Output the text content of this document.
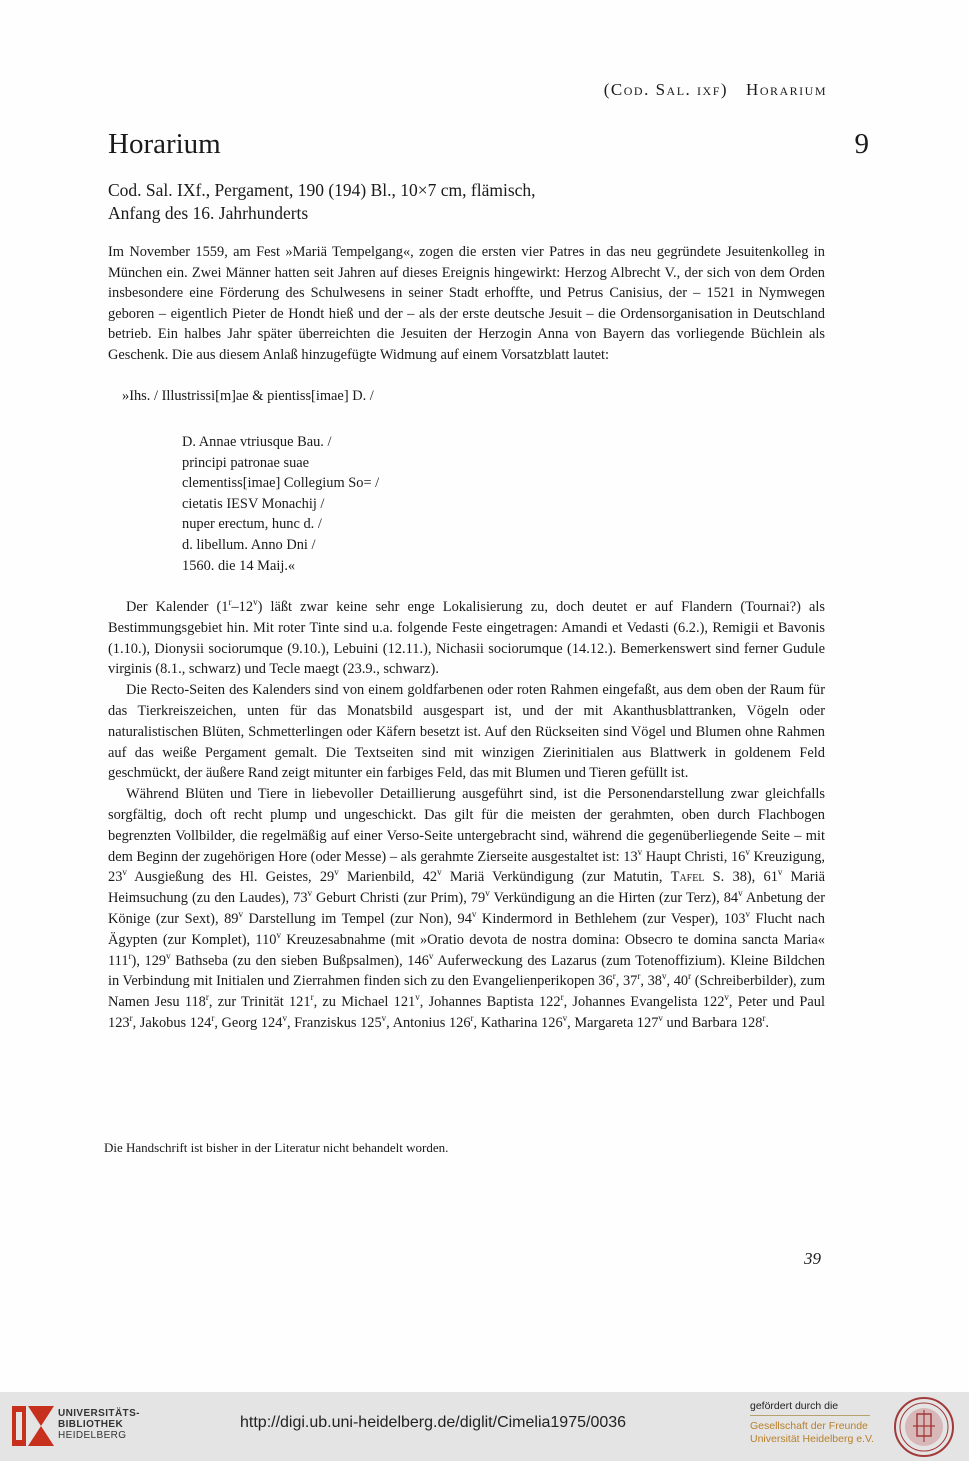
(Cod. Sal. ixf) Horarium
Horarium	9
Cod. Sal. IXf., Pergament, 190 (194) Bl., 10×7 cm, flämisch,
Anfang des 16. Jahrhunderts

Im November 1559, am Fest »Mariä Tempelgang«, zogen die ersten vier Patres in das neu gegründete Jesuitenkolleg in München ein. Zwei Männer hatten seit Jahren auf dieses Ereignis hingewirkt: Herzog Albrecht V., der sich von dem Orden insbesondere eine Förderung des Schulwesens in seiner Stadt erhoffte, und Petrus Canisius, der – 1521 in Nymwegen geboren – eigentlich Pieter de Hondt hieß und der – als der erste deutsche Jesuit – die Ordensorganisation in Deutschland betrieb. Ein halbes Jahr später überreichten die Jesuiten der Herzogin Anna von Bayern das vorliegende Büchlein als Geschenk. Die aus diesem Anlaß hinzugefügte Widmung auf einem Vorsatzblatt lautet:

»Ihs. / Illustrissi[m]ae & pientiss[imae] D. /
D. Annae vtriusque Bau. /
principi patronae suae
clementiss[imae] Collegium So= /
cietatis IESV Monachij /
nuper erectum, hunc d. /
d. libellum. Anno Dni /
1560. die 14 Maij.«

Der Kalender (1$^r$–12$^v$) läßt zwar keine sehr enge Lokalisierung zu, doch deutet er auf Flandern (Tournai?) als Bestimmungsgebiet hin. Mit roter Tinte sind u.a. folgende Feste eingetragen: Amandi et Vedasti (6.2.), Remigii et Bavonis (1.10.), Dionysii sociorumque (9.10.), Lebuini (12.11.), Nichasii sociorumque (14.12.). Bemerkenswert sind ferner Gudule virginis (8.1., schwarz) und Tecle maegt (23.9., schwarz).

Die Recto-Seiten des Kalenders sind von einem goldfarbenen oder roten Rahmen eingefaßt, aus dem oben der Raum für das Tierkreiszeichen, unten für das Monatsbild ausgespart ist, und der mit Akanthusblattranken, Vögeln oder naturalistischen Blüten, Schmetterlingen oder Käfern besetzt ist. Auf den Rückseiten sind Vögel und Blumen ohne Rahmen auf das weiße Pergament gemalt. Die Textseiten sind mit winzigen Zierinitialen aus Blattwerk in goldenem Feld geschmückt, der äußere Rand zeigt mitunter ein farbiges Feld, das mit Blumen und Tieren gefüllt ist.

Während Blüten und Tiere in liebevoller Detaillierung ausgeführt sind, ist die Personendarstellung zwar gleichfalls sorgfältig, doch oft recht plump und ungeschickt. Das gilt für die meisten der gerahmten, oben durch Flachbogen begrenzten Vollbilder, die regelmäßig auf einer Verso-Seite untergebracht sind, während die gegenüberliegende Seite – mit dem Beginn der zugehörigen Hore (oder Messe) – als gerahmte Zierseite ausgestaltet ist: 13$^v$ Haupt Christi, 16$^v$ Kreuzigung, 23$^v$ Ausgießung des Hl. Geistes, 29$^v$ Marienbild, 42$^v$ Mariä Verkündigung (zur Matutin, Tafel S. 38), 61$^v$ Mariä Heimsuchung (zu den Laudes), 73$^v$ Geburt Christi (zur Prim), 79$^v$ Verkündigung an die Hirten (zur Terz), 84$^v$ Anbetung der Könige (zur Sext), 89$^v$ Darstellung im Tempel (zur Non), 94$^v$ Kindermord in Bethlehem (zur Vesper), 103$^v$ Flucht nach Ägypten (zur Komplet), 110$^v$ Kreuzesabnahme (mit »Oratio devota de nostra domina: Obsecro te domina sancta Maria« 111$^r$), 129$^v$ Bathseba (zu den sieben Bußpsalmen), 146$^v$ Auferweckung des Lazarus (zum Totenoffizium). Kleine Bildchen in Verbindung mit Initialen und Zierrahmen finden sich zu den Evangelienperikopen 36$^r$, 37$^r$, 38$^v$, 40$^r$ (Schreiberbilder), zum Namen Jesu 118$^r$, zur Trinität 121$^r$, zu Michael 121$^v$, Johannes Baptista 122$^r$, Johannes Evangelista 122$^v$, Peter und Paul 123$^r$, Jakobus 124$^r$, Georg 124$^v$, Franziskus 125$^v$, Antonius 126$^r$, Katharina 126$^v$, Margareta 127$^v$ und Barbara 128$^r$.

Die Handschrift ist bisher in der Literatur nicht behandelt worden.
39
UNIVERSITÄTS-
BIBLIOTHEK
HEIDELBERG
http://digi.ub.uni-heidelberg.de/diglit/Cimelia1975/0036
gefördert durch die
Gesellschaft der Freunde
Universität Heidelberg e.V.
